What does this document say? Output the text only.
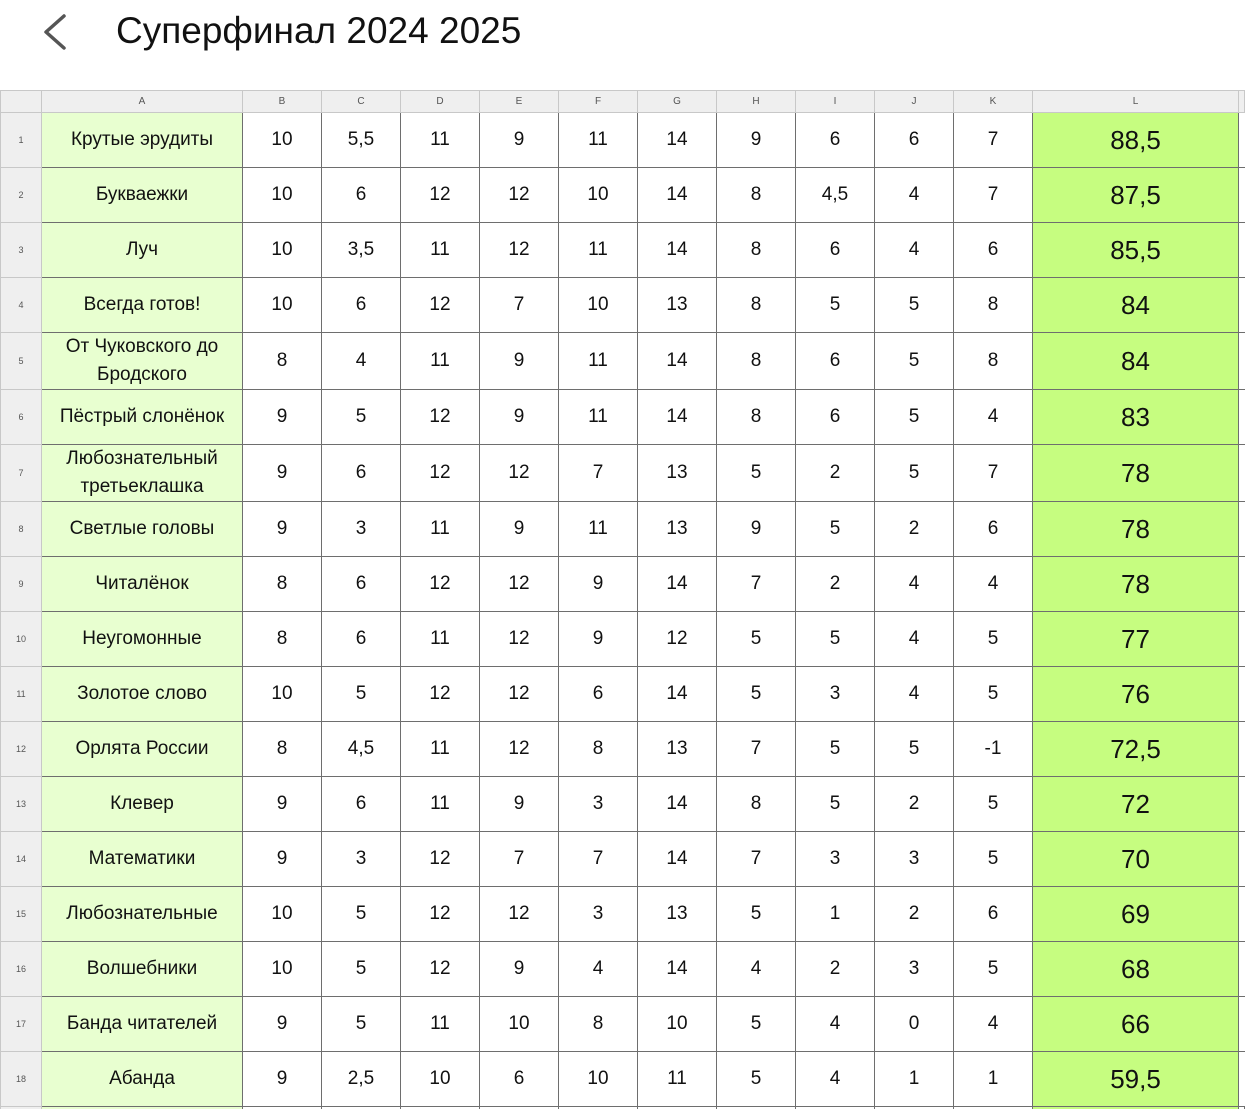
Суперфинал 2024 2025
	A	B	C	D	E	F	G	H	I	J	K	L	
1	Крутые эрудиты	10	5,5	11	9	11	14	9	6	6	7	88,5	
2	Букваежки	10	6	12	12	10	14	8	4,5	4	7	87,5	
3	Луч	10	3,5	11	12	11	14	8	6	4	6	85,5	
4	Всегда готов!	10	6	12	7	10	13	8	5	5	8	84	
5	От Чуковского до Бродского	8	4	11	9	11	14	8	6	5	8	84	
6	Пёстрый слонёнок	9	5	12	9	11	14	8	6	5	4	83	
7	Любознательный третьеклашка	9	6	12	12	7	13	5	2	5	7	78	
8	Светлые головы	9	3	11	9	11	13	9	5	2	6	78	
9	Читалёнок	8	6	12	12	9	14	7	2	4	4	78	
10	Неугомонные	8	6	11	12	9	12	5	5	4	5	77	
11	Золотое слово	10	5	12	12	6	14	5	3	4	5	76	
12	Орлята России	8	4,5	11	12	8	13	7	5	5	-1	72,5	
13	Клевер	9	6	11	9	3	14	8	5	2	5	72	
14	Математики	9	3	12	7	7	14	7	3	3	5	70	
15	Любознательные	10	5	12	12	3	13	5	1	2	6	69	
16	Волшебники	10	5	12	9	4	14	4	2	3	5	68	
17	Банда читателей	9	5	11	10	8	10	5	4	0	4	66	
18	Абанда	9	2,5	10	6	10	11	5	4	1	1	59,5	
